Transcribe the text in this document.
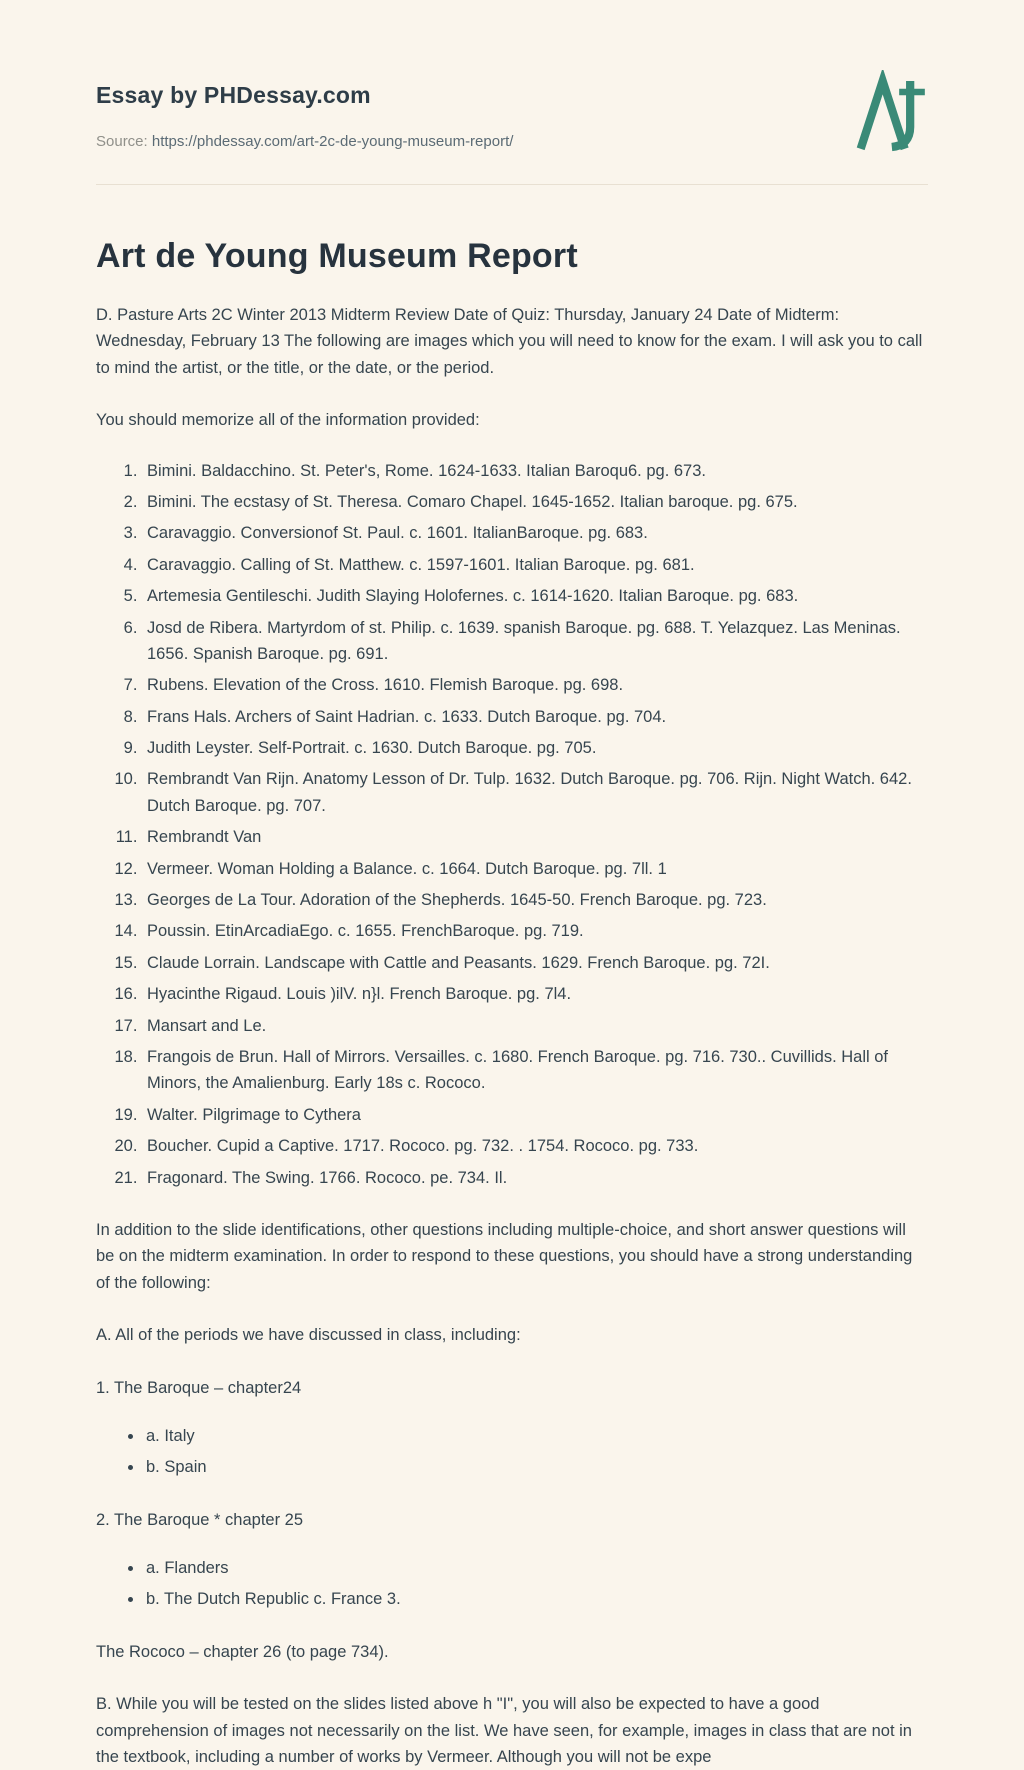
Essay by PHDessay.com
Source: https://phdessay.com/art-2c-de-young-museum-report/
Art de Young Museum Report

D. Pasture Arts 2C Winter 2013 Midterm Review Date of Quiz: Thursday, January 24 Date of Midterm: Wednesday, February 13 The following are images which you will need to know for the exam. I will ask you to call to mind the artist, or the title, or the date, or the period.

You should memorize all of the information provided:

1. Bimini. Baldacchino. St. Peter's, Rome. 1624-1633. Italian Baroqu6. pg. 673.
2. Bimini. The ecstasy of St. Theresa. Comaro Chapel. 1645-1652. Italian baroque. pg. 675.
3. Caravaggio. Conversionof St. Paul. c. 1601. ItalianBaroque. pg. 683.
4. Caravaggio. Calling of St. Matthew. c. 1597-1601. Italian Baroque. pg. 681.
5. Artemesia Gentileschi. Judith Slaying Holofernes. c. 1614-1620. Italian Baroque. pg. 683.
6. Josd de Ribera. Martyrdom of st. Philip. c. 1639. spanish Baroque. pg. 688. T. Yelazquez. Las Meninas. 1656. Spanish Baroque. pg. 691.
7. Rubens. Elevation of the Cross. 1610. Flemish Baroque. pg. 698.
8. Frans Hals. Archers of Saint Hadrian. c. 1633. Dutch Baroque. pg. 704.
9. Judith Leyster. Self-Portrait. c. 1630. Dutch Baroque. pg. 705.
10. Rembrandt Van Rijn. Anatomy Lesson of Dr. Tulp. 1632. Dutch Baroque. pg. 706. Rijn. Night Watch. 642. Dutch Baroque. pg. 707.
11. Rembrandt Van
12. Vermeer. Woman Holding a Balance. c. 1664. Dutch Baroque. pg. 7ll. 1
13. Georges de La Tour. Adoration of the Shepherds. 1645-50. French Baroque. pg. 723.
14. Poussin. EtinArcadiaEgo. c. 1655. FrenchBaroque. pg. 719.
15. Claude Lorrain. Landscape with Cattle and Peasants. 1629. French Baroque. pg. 72I.
16. Hyacinthe Rigaud. Louis )ilV. n}l. French Baroque. pg. 7l4.
17. Mansart and Le.
18. Frangois de Brun. Hall of Mirrors. Versailles. c. 1680. French Baroque. pg. 716. 730.. Cuvillids. Hall of Minors, the Amalienburg. Early 18s c. Rococo.
19. Walter. Pilgrimage to Cythera
20. Boucher. Cupid a Captive. 1717. Rococo. pg. 732. . 1754. Rococo. pg. 733.
21. Fragonard. The Swing. 1766. Rococo. pe. 734. Il.

In addition to the slide identifications, other questions including multiple-choice, and short answer questions will be on the midterm examination. In order to respond to these questions, you should have a strong understanding of the following:

A. All of the periods we have discussed in class, including:

1. The Baroque – chapter24

• a. Italy
• b. Spain

2. The Baroque * chapter 25

• a. Flanders
• b. The Dutch Republic c. France 3.

The Rococo – chapter 26 (to page 734).

B. While you will be tested on the slides listed above h "I", you will also be expected to have a good comprehension of images not necessarily on the list. We have seen, for example, images in class that are not in the textbook, including a number of works by Vermeer. Although you will not be expe
